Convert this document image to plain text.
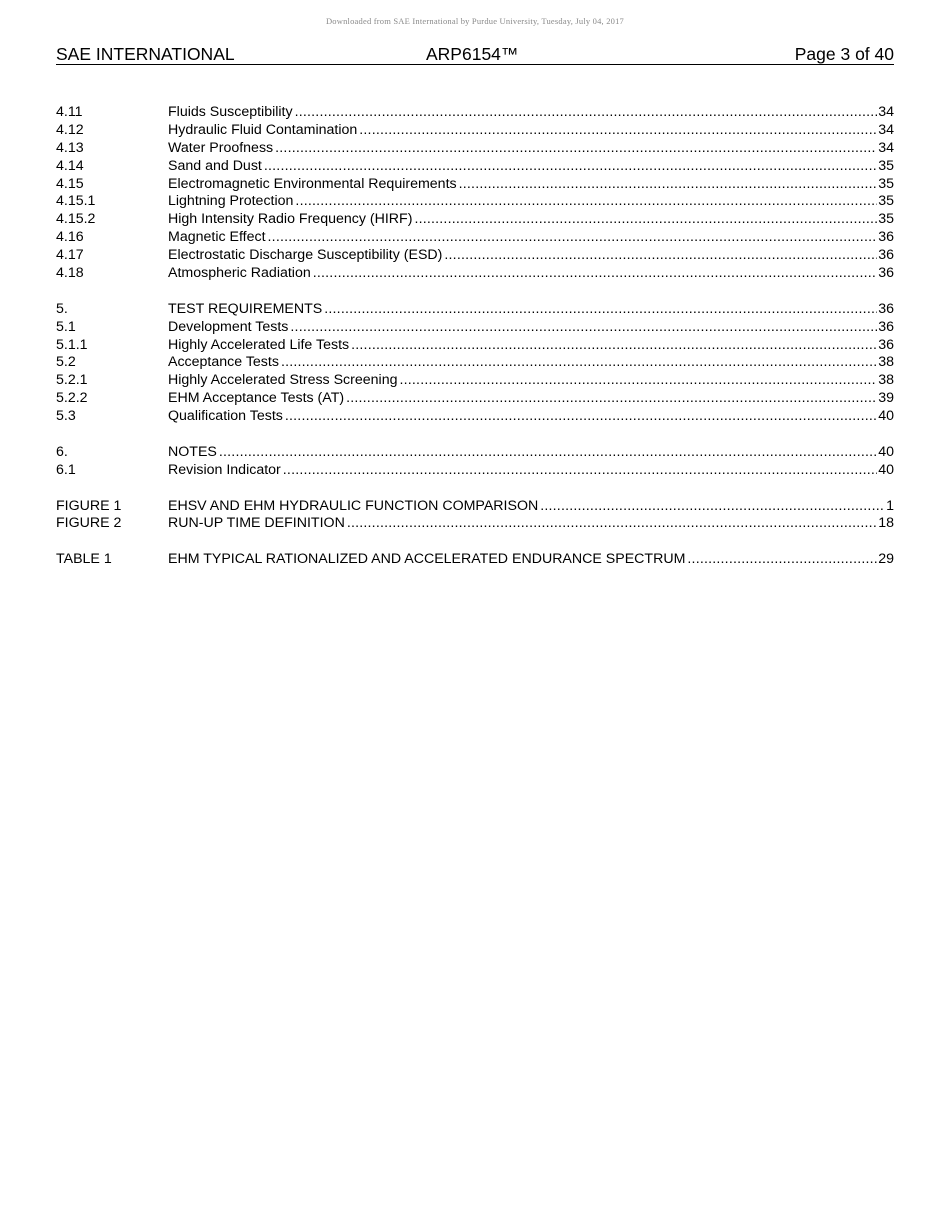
Downloaded from SAE International by Purdue University, Tuesday, July 04, 2017
SAE INTERNATIONAL	ARP6154™	Page 3 of 40
4.11	Fluids Susceptibility .....	34
4.12	Hydraulic Fluid Contamination .....	34
4.13	Water Proofness .....	34
4.14	Sand and Dust .....	35
4.15	Electromagnetic Environmental Requirements .....	35
4.15.1	Lightning Protection .....	35
4.15.2	High Intensity Radio Frequency (HIRF) .....	35
4.16	Magnetic Effect .....	36
4.17	Electrostatic Discharge Susceptibility (ESD) .....	36
4.18	Atmospheric Radiation .....	36
5.	TEST REQUIREMENTS .....	36
5.1	Development Tests .....	36
5.1.1	Highly Accelerated Life Tests .....	36
5.2	Acceptance Tests .....	38
5.2.1	Highly Accelerated Stress Screening .....	38
5.2.2	EHM Acceptance Tests (AT) .....	39
5.3	Qualification Tests .....	40
6.	NOTES .....	40
6.1	Revision Indicator .....	40
FIGURE 1	EHSV AND EHM HYDRAULIC FUNCTION COMPARISON .....	1
FIGURE 2	RUN-UP TIME DEFINITION .....	18
TABLE 1	EHM TYPICAL RATIONALIZED AND ACCELERATED ENDURANCE SPECTRUM .....	29
